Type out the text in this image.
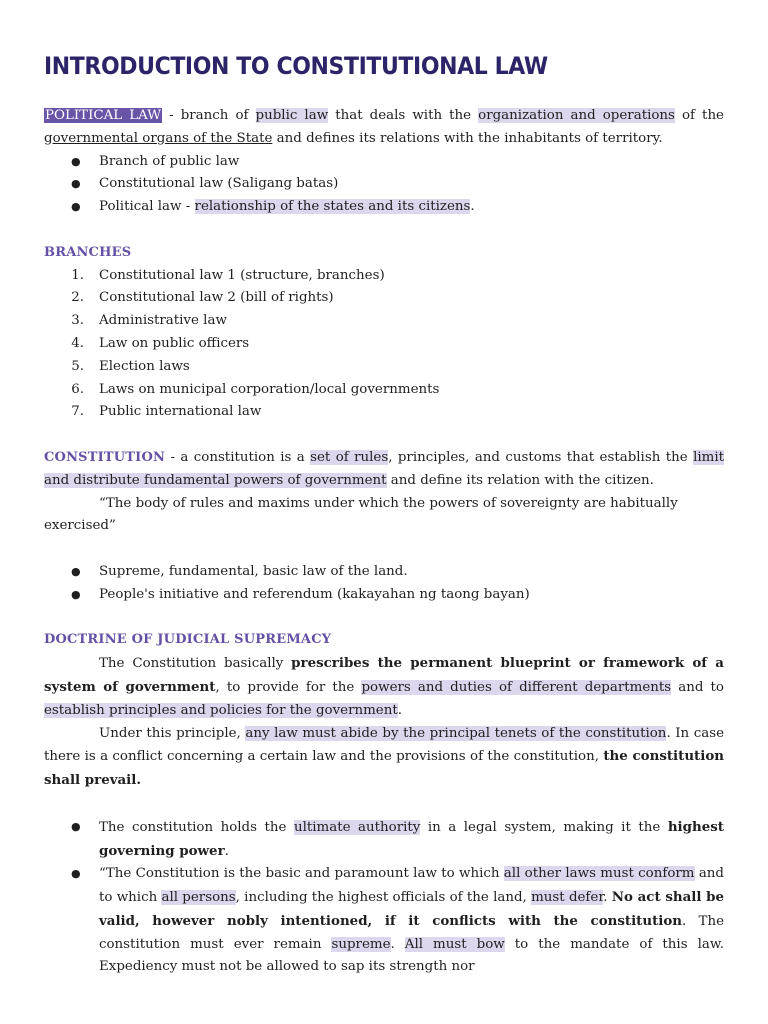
INTRODUCTION TO CONSTITUTIONAL LAW

POLITICAL LAW - branch of public law that deals with the organization and operations of the governmental organs of the State and defines its relations with the inhabitants of territory.

● Branch of public law
● Constitutional law (Saligang batas)
● Political law - relationship of the states and its citizens.

BRANCHES

1. Constitutional law 1 (structure, branches)
2. Constitutional law 2 (bill of rights)
3. Administrative law
4. Law on public officers
5. Election laws
6. Laws on municipal corporation/local governments
7. Public international law

CONSTITUTION - a constitution is a set of rules, principles, and customs that establish the limit and distribute fundamental powers of government and define its relation with the citizen.

“The body of rules and maxims under which the powers of sovereignty are habitually exercised”

● Supreme, fundamental, basic law of the land.
● People's initiative and referendum (kakayahan ng taong bayan)

DOCTRINE OF JUDICIAL SUPREMACY

The Constitution basically prescribes the permanent blueprint or framework of a system of government, to provide for the powers and duties of different departments and to establish principles and policies for the government.

Under this principle, any law must abide by the principal tenets of the constitution. In case there is a conflict concerning a certain law and the provisions of the constitution, the constitution shall prevail.

● The constitution holds the ultimate authority in a legal system, making it the highest governing power.
● “The Constitution is the basic and paramount law to which all other laws must conform and to which all persons, including the highest officials of the land, must defer. No act shall be valid, however nobly intentioned, if it conflicts with the constitution. The constitution must ever remain supreme. All must bow to the mandate of this law. Expediency must not be allowed to sap its strength nor
